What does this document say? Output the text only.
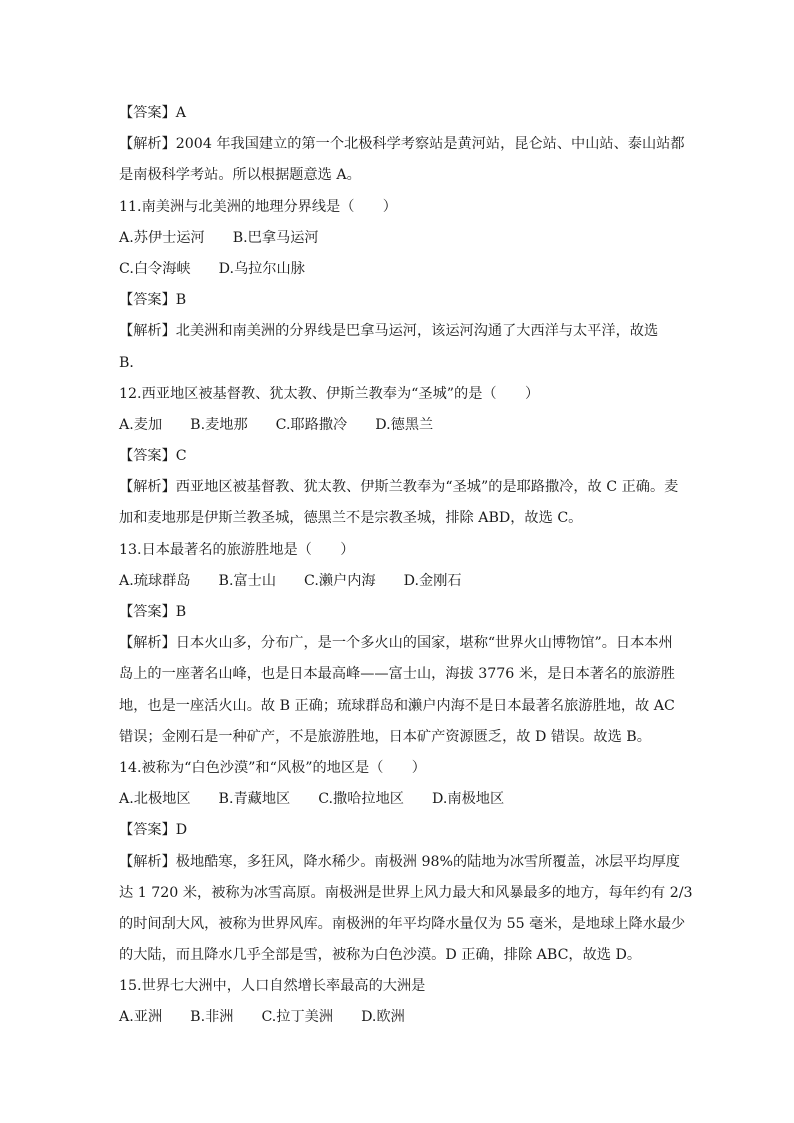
【答案】A
【解析】2004 年我国建立的第一个北极科学考察站是黄河站，昆仑站、中山站、泰山站都
是南极科学考站。所以根据题意选 A。
11.南美洲与北美洲的地理分界线是（　　）
A.苏伊士运河 B.巴拿马运河
C.白令海峡 D.乌拉尔山脉
【答案】B
【解析】北美洲和南美洲的分界线是巴拿马运河，该运河沟通了大西洋与太平洋，故选
B．
12.西亚地区被基督教、犹太教、伊斯兰教奉为“圣城”的是（　　）
A.麦加 B.麦地那 C.耶路撒冷 D.德黑兰
【答案】C
【解析】西亚地区被基督教、犹太教、伊斯兰教奉为“圣城”的是耶路撒冷，故 C 正确。麦
加和麦地那是伊斯兰教圣城，德黑兰不是宗教圣城，排除 ABD，故选 C。
13.日本最著名的旅游胜地是（　　）
A.琉球群岛 B.富士山 C.濑户内海 D.金刚石
【答案】B
【解析】日本火山多，分布广，是一个多火山的国家，堪称“世界火山博物馆”。日本本州
岛上的一座著名山峰，也是日本最高峰——富士山，海拔 3776 米，是日本著名的旅游胜
地，也是一座活火山。故 B 正确；琉球群岛和濑户内海不是日本最著名旅游胜地，故 AC
错误；金刚石是一种矿产，不是旅游胜地，日本矿产资源匮乏，故 D 错误。故选 B。
14.被称为“白色沙漠”和“风极”的地区是（　　）
A.北极地区 B.青藏地区 C.撒哈拉地区 D.南极地区
【答案】D
【解析】极地酷寒，多狂风，降水稀少。南极洲 98%的陆地为冰雪所覆盖，冰层平均厚度
达 1 720 米，被称为冰雪高原。南极洲是世界上风力最大和风暴最多的地方，每年约有 2/3
的时间刮大风，被称为世界风库。南极洲的年平均降水量仅为 55 毫米，是地球上降水最少
的大陆，而且降水几乎全部是雪，被称为白色沙漠。D 正确，排除 ABC，故选 D。
15.世界七大洲中，人口自然增长率最高的大洲是
A.亚洲 B.非洲 C.拉丁美洲 D.欧洲
